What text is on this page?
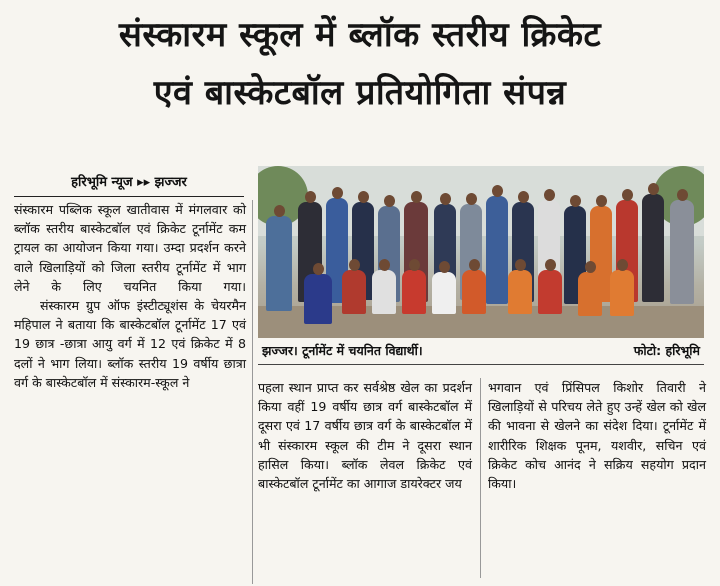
संस्कारम स्कूल में ब्लॉक स्तरीय क्रिकेट
एवं बास्केटबॉल प्रतियोगिता संपन्न
हरिभूमि न्यूज ▸▸ झज्जर

संस्कारम पब्लिक स्कूल खातीवास में मंगलवार को ब्लॉक स्तरीय बास्केटबॉल एवं क्रिकेट टूर्नामेंट कम ट्रायल का आयोजन किया गया। उम्दा प्रदर्शन करने वाले खिलाड़ियों को जिला स्तरीय टूर्नामेंट में भाग लेने के लिए चयनित किया गया।

संस्कारम ग्रुप ऑफ इंस्टीट्यूशंस के चेयरमैन महिपाल ने बताया कि बास्केटबॉल टूर्नामेंट 17 एवं 19 छात्र -छात्रा आयु वर्ग में 12 एवं क्रिकेट में 8 दलों ने भाग लिया। ब्लॉक स्तरीय 19 वर्षीय छात्रा वर्ग के बास्केटबॉल में संस्कारम-स्कूल ने

झज्जर। टूर्नामेंट में चयनित विद्यार्थी।	फोटो: हरिभूमि

पहला स्थान प्राप्त कर सर्वश्रेष्ठ खेल का प्रदर्शन किया वहीं 19 वर्षीय छात्र वर्ग बास्केटबॉल में दूसरा एवं 17 वर्षीय छात्र वर्ग के बास्केटबॉल में भी संस्कारम स्कूल की टीम ने दूसरा स्थान हासिल किया। ब्लॉक लेवल क्रिकेट एवं बास्केटबॉल टूर्नामेंट का आगाज डायरेक्टर जय

भगवान एवं प्रिंसिपल किशोर तिवारी ने खिलाड़ियों से परिचय लेते हुए उन्हें खेल को खेल की भावना से खेलने का संदेश दिया। टूर्नामेंट में शारीरिक शिक्षक पूनम, यशवीर, सचिन एवं क्रिकेट कोच आनंद ने सक्रिय सहयोग प्रदान किया।
